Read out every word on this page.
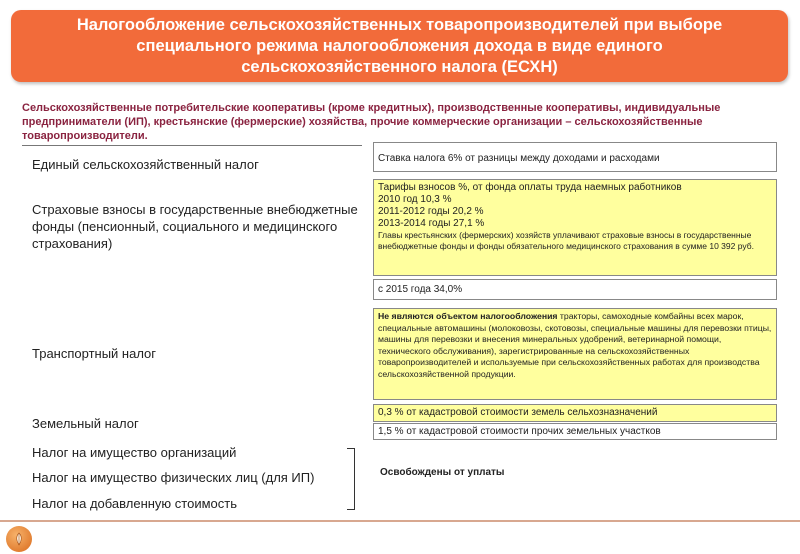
Налогообложение сельскохозяйственных товаропроизводителей при выборе специального режима налогообложения дохода в виде единого сельскохозяйственного налога (ЕСХН)
Сельскохозяйственные потребительские кооперативы (кроме кредитных), производственные кооперативы, индивидуальные предприниматели (ИП), крестьянские (фермерские) хозяйства, прочие коммерческие организации – сельскохозяйственные товаропроизводители.
Единый сельскохозяйственный налог	Ставка налога 6% от разницы между доходами и расходами
Страховые взносы в государственные внебюджетные фонды (пенсионный, социального и медицинского страхования)
Тарифы взносов %, от фонда оплаты труда наемных работников
2010 год 10,3 %
2011-2012 годы 20,2 %
2013-2014 годы 27,1 %
Главы крестьянских (фермерских) хозяйств уплачивают страховые взносы в государственные внебюджетные фонды и фонды обязательного медицинского страхования в сумме 10 392 руб.
с 2015 года 34,0%
Транспортный налог
Не являются объектом налогообложения тракторы, самоходные комбайны всех марок, специальные автомашины (молоковозы, скотовозы, специальные машины для перевозки птицы, машины для перевозки и внесения минеральных удобрений, ветеринарной помощи, технического обслуживания), зарегистрированные на сельскохозяйственных товаропроизводителей и используемые при сельскохозяйственных работах для производства сельскохозяйственной продукции.
Земельный налог
0,3 % от кадастровой стоимости земель сельхозназначений
1,5 % от кадастровой стоимости прочих земельных участков
Налог на имущество организаций
Налог на имущество физических лиц (для ИП)
Налог на добавленную стоимость
Освобождены от уплаты
